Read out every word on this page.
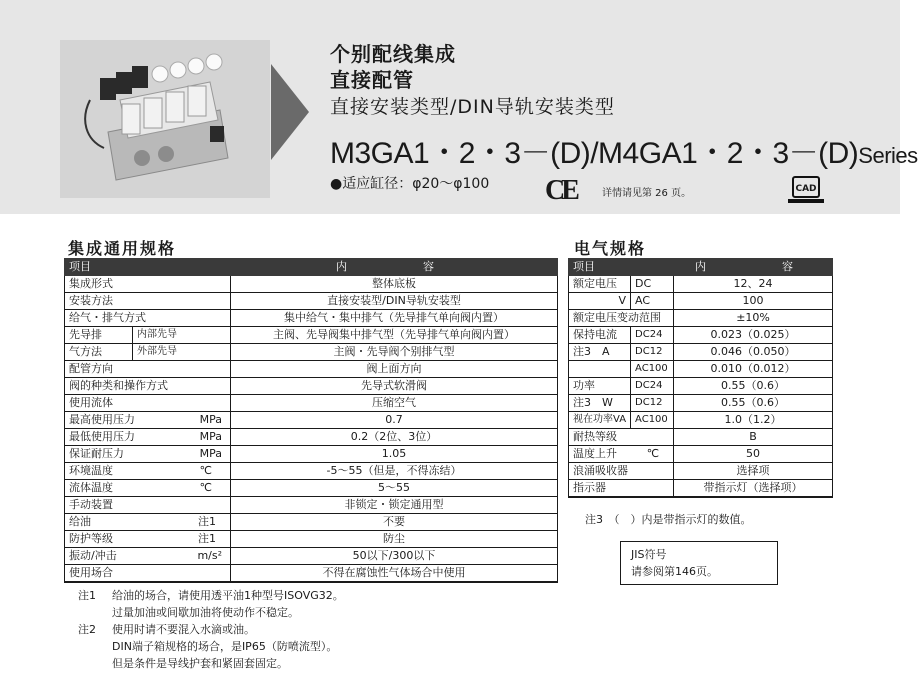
个别配线集成
直接配管
直接安装类型/DIN导轨安装类型
M3GA1・2・3－(D)/M4GA1・2・3－(D)Series
●适应缸径：φ20～φ100 CE	详情请见第 26 页。	CAD
集成通用规格
项目		内　　容
集成形式		整体底板
安装方法		直接安装型/DIN导轨安装型
给气・排气方式		集中给气・集中排气（先导排气单向阀内置）
先导排	内部先导	主阀、先导阀集中排气型（先导排气单向阀内置）
气方法	外部先导	主阀・先导阀个别排气型
配管方向		阀上面方向
阀的种类和操作方式		先导式软滑阀
使用流体		压缩空气
最高使用压力 MPa		0.7
最低使用压力 MPa		0.2（2位、3位）
保证耐压力 MPa		1.05
环境温度 ℃		-5～55（但是，不得冻结）
流体温度 ℃		5～55
手动装置		非锁定・锁定通用型
给油 注1		不要
防护等级 注1		防尘
振动/冲击 m/s²		50以下/300以下
使用场合		不得在腐蚀性气体场合中使用
电气规格
项目		内　　容
额定电压	DC	12、24
V	AC	100
额定电压变动范围		±10%
保持电流	DC24	0.023（0.025）
注3　A	DC12	0.046（0.050）
	AC100	0.010（0.012）
功率	DC24	0.55（0.6）
注3　W	DC12	0.55（0.6）
视在功率VA	AC100	1.0（1.2）
耐热等级		B
温度上升 ℃		50
浪涌吸收器		选择项
指示器		带指示灯（选择项）
注3　（　）内是带指示灯的数值。
JIS符号
请参阅第146页。
注1 给油的场合，请使用透平油1种型号ISOVG32。
过量加油或间歇加油将使动作不稳定。
注2 使用时请不要混入水滴或油。
DIN端子箱规格的场合，是IP65（防喷流型）。
但是条件是导线护套和紧固套固定。
